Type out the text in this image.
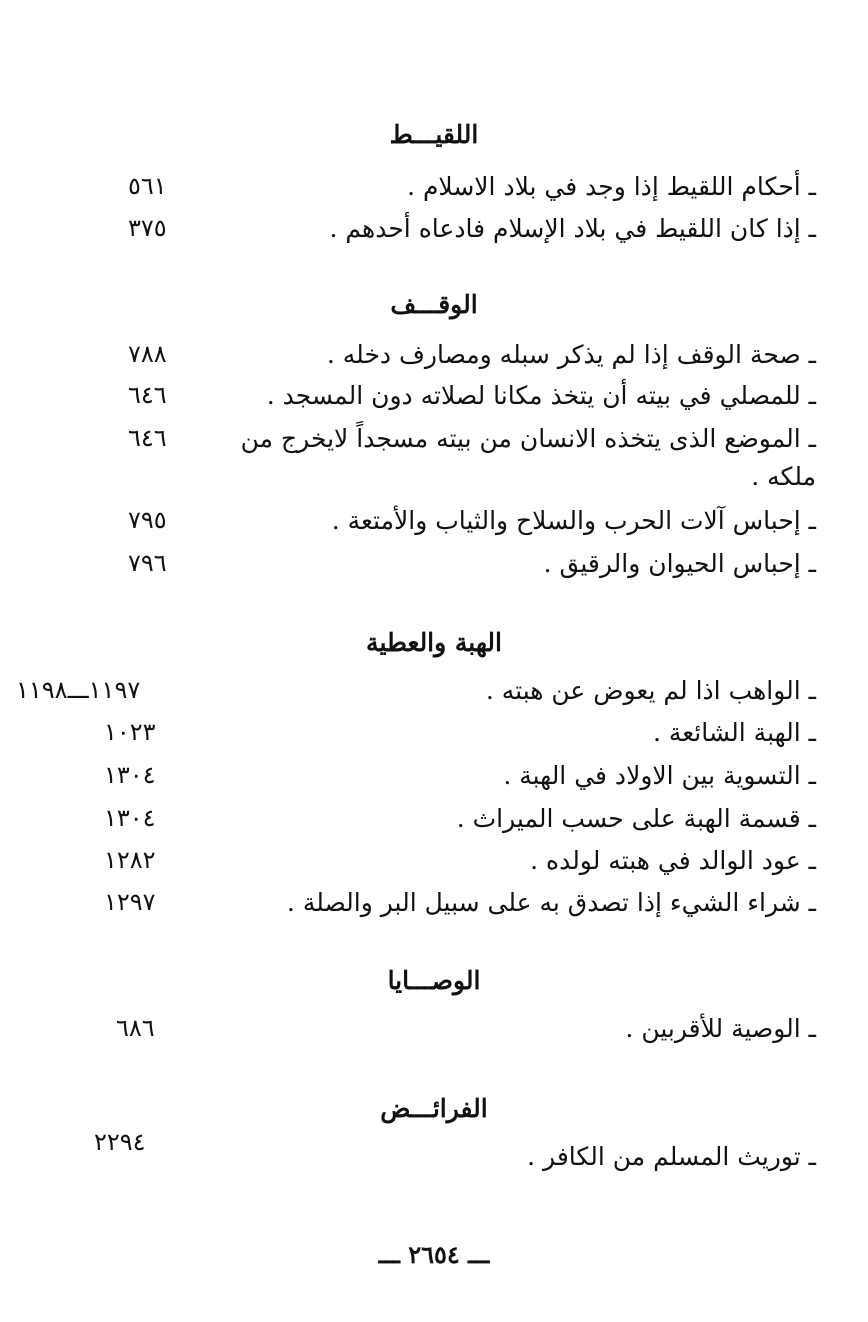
اللقيـــط
ـ أحكام اللقيط إذا وجد في بلاد الاسلام .
٥٦١
ـ إذا كان اللقيط في بلاد الإسلام فادعاه أحدهم .
٣٧٥
الوقـــف
ـ صحة الوقف إذا لم يذكر سبله ومصارف دخله .
٧٨٨
ـ للمصلي في بيته أن يتخذ مكانا لصلاته دون المسجد .
٦٤٦
ـ الموضع الذى يتخذه الانسان من بيته مسجداً لايخرج من ملكه .
٦٤٦
ـ إحباس آلات الحرب والسلاح والثياب والأمتعة .
٧٩٥
ـ إحباس الحيوان والرقيق .
٧٩٦
الهبة والعطية
ـ الواهب اذا لم يعوض عن هبته .
١١٩٧ـــ١١٩٨
ـ الهبة الشائعة .
١٠٢٣
ـ التسوية بين الاولاد في الهبة .
١٣٠٤
ـ قسمة الهبة على حسب الميراث .
١٣٠٤
ـ عود الوالد في هبته لولده .
١٢٨٢
ـ شراء الشيء إذا تصدق به على سبيل البر والصلة .
١٢٩٧
الوصـــايا
ـ الوصية للأقربين .
٦٨٦
الفرائـــض
ـ توريث المسلم من الكافر .
٢٢٩٤
ـــ ٢٦٥٤ ـــ
